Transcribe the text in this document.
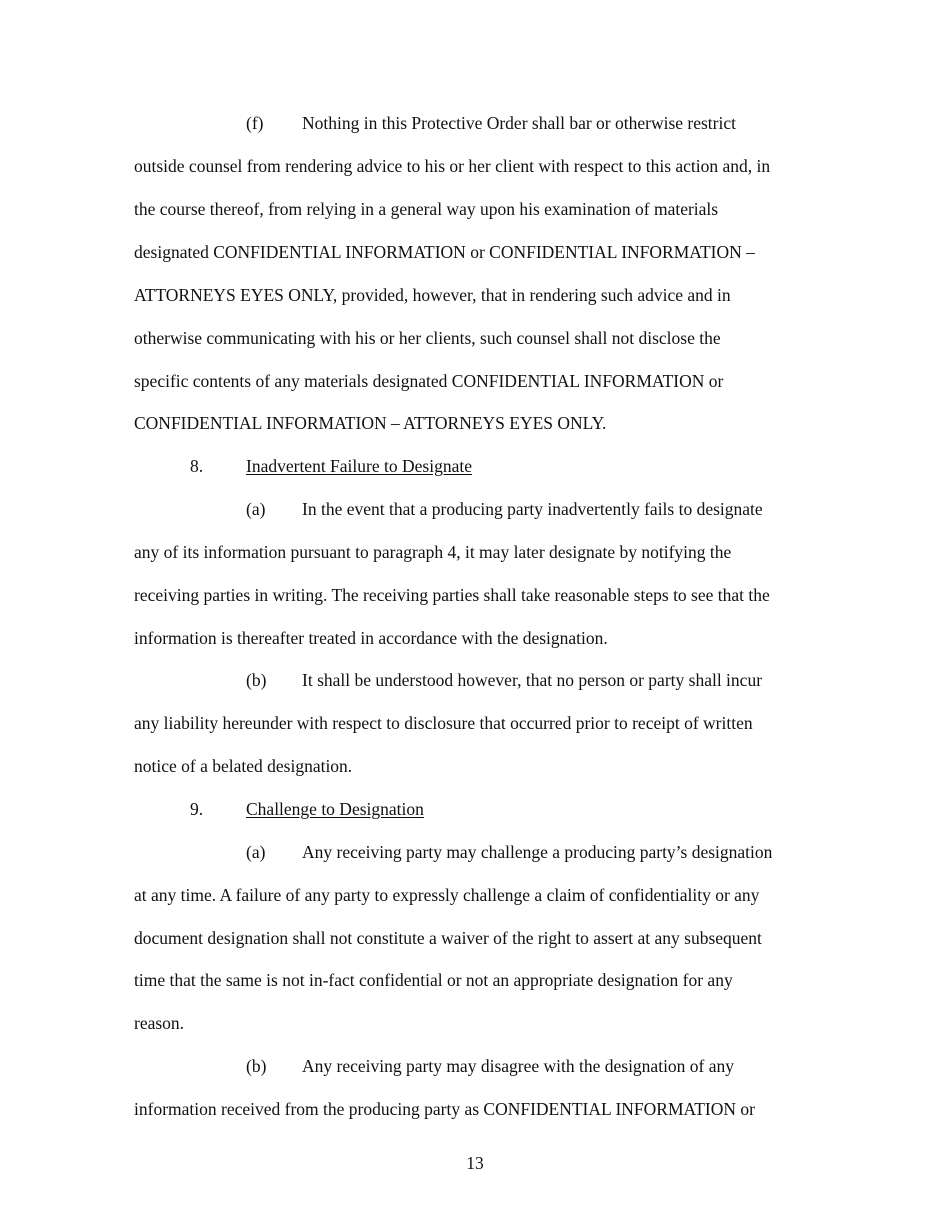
(f) Nothing in this Protective Order shall bar or otherwise restrict

outside counsel from rendering advice to his or her client with respect to this action and, in

the course thereof, from relying in a general way upon his examination of materials

designated CONFIDENTIAL INFORMATION or CONFIDENTIAL INFORMATION –

ATTORNEYS EYES ONLY, provided, however, that in rendering such advice and in

otherwise communicating with his or her clients, such counsel shall not disclose the

specific contents of any materials designated CONFIDENTIAL INFORMATION or

CONFIDENTIAL INFORMATION – ATTORNEYS EYES ONLY.

8. Inadvertent Failure to Designate
(a) In the event that a producing party inadvertently fails to designate

any of its information pursuant to paragraph 4, it may later designate by notifying the

receiving parties in writing. The receiving parties shall take reasonable steps to see that the

information is thereafter treated in accordance with the designation.

(b) It shall be understood however, that no person or party shall incur

any liability hereunder with respect to disclosure that occurred prior to receipt of written

notice of a belated designation.

9. Challenge to Designation
(a) Any receiving party may challenge a producing party’s designation

at any time. A failure of any party to expressly challenge a claim of confidentiality or any

document designation shall not constitute a waiver of the right to assert at any subsequent

time that the same is not in-fact confidential or not an appropriate designation for any

reason.

(b) Any receiving party may disagree with the designation of any

information received from the producing party as CONFIDENTIAL INFORMATION or

13
